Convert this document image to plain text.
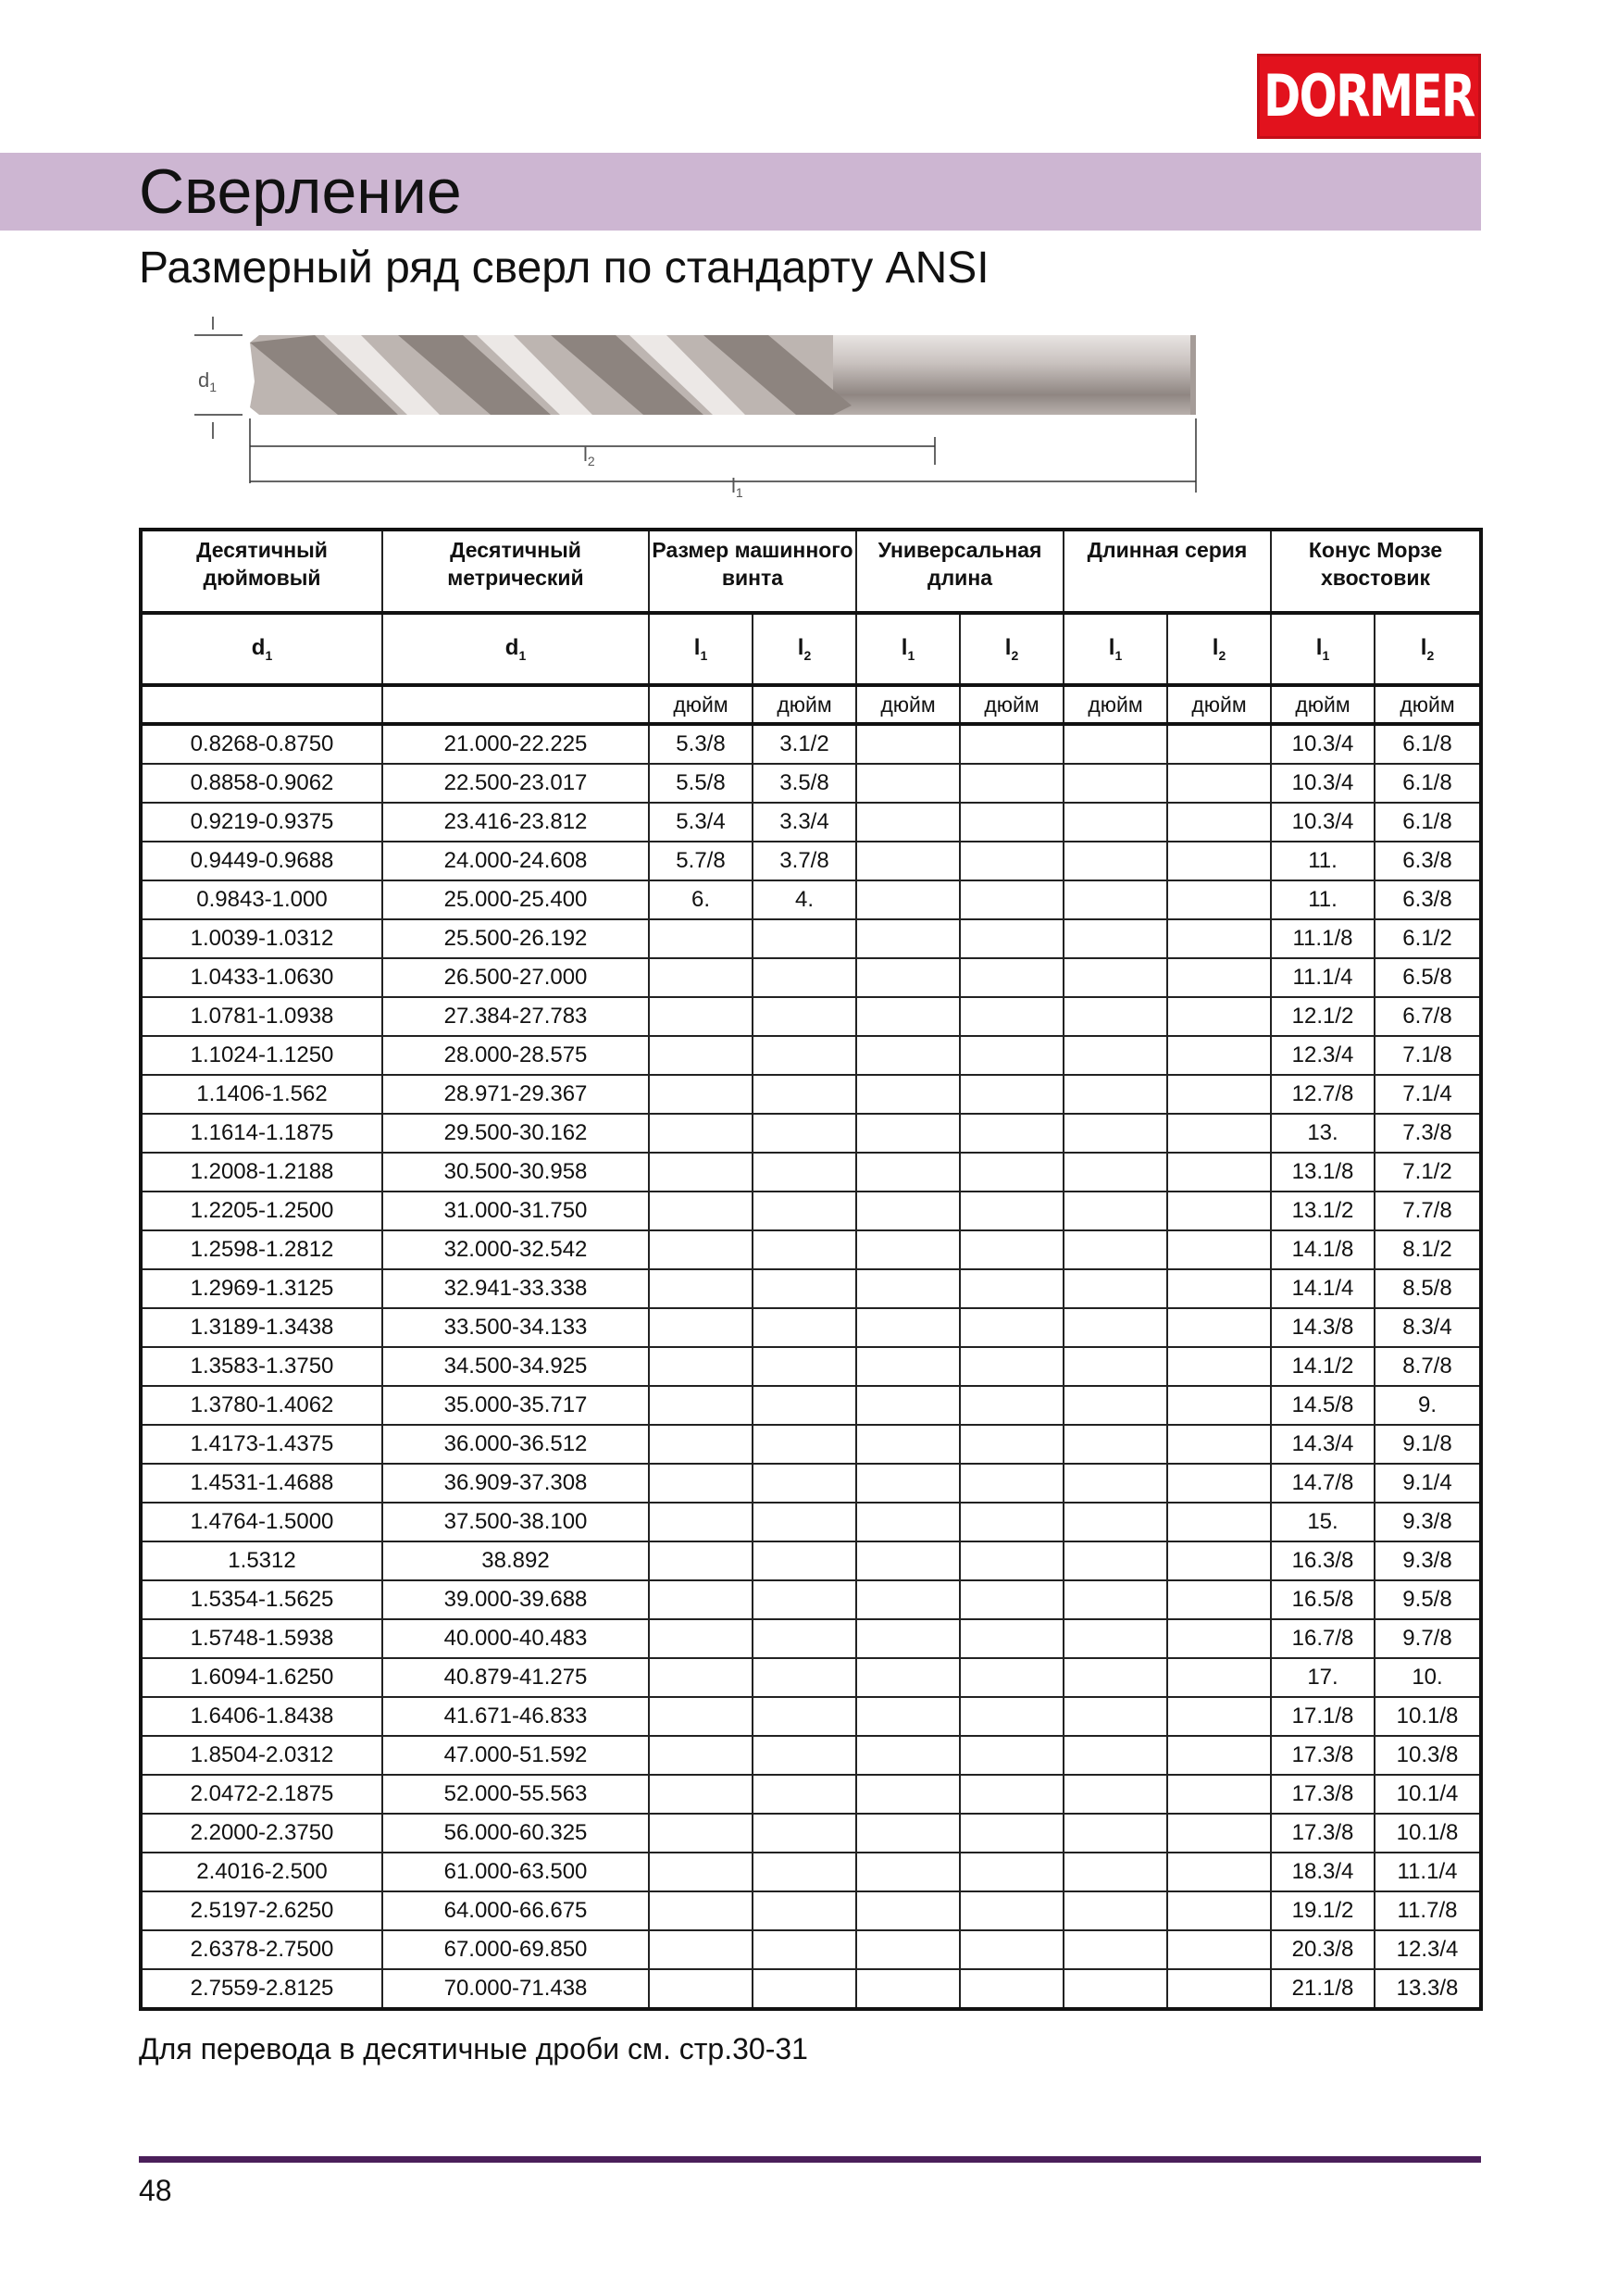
DORMER
Сверление
Размерный ряд сверл по стандарту ANSI
$d_1$
$l_2$
$l_1$
Десятичный дюймовый	Десятичный метрический	Размер машинного винта		Универсальная длина		Длинная серия		Конус Морзе хвостовик	
$d_1$	$d_1$	$l_1$	$l_2$	$l_1$	$l_2$	$l_1$	$l_2$	$l_1$	$l_2$
		дюйм	дюйм	дюйм	дюйм	дюйм	дюйм	дюйм	дюйм
0.8268-0.8750	21.000-22.225	5.3/8	3.1/2					10.3/4	6.1/8
0.8858-0.9062	22.500-23.017	5.5/8	3.5/8					10.3/4	6.1/8
0.9219-0.9375	23.416-23.812	5.3/4	3.3/4					10.3/4	6.1/8
0.9449-0.9688	24.000-24.608	5.7/8	3.7/8					11.	6.3/8
0.9843-1.000	25.000-25.400	6.	4.					11.	6.3/8
1.0039-1.0312	25.500-26.192							11.1/8	6.1/2
1.0433-1.0630	26.500-27.000							11.1/4	6.5/8
1.0781-1.0938	27.384-27.783							12.1/2	6.7/8
1.1024-1.1250	28.000-28.575							12.3/4	7.1/8
1.1406-1.562	28.971-29.367							12.7/8	7.1/4
1.1614-1.1875	29.500-30.162							13.	7.3/8
1.2008-1.2188	30.500-30.958							13.1/8	7.1/2
1.2205-1.2500	31.000-31.750							13.1/2	7.7/8
1.2598-1.2812	32.000-32.542							14.1/8	8.1/2
1.2969-1.3125	32.941-33.338							14.1/4	8.5/8
1.3189-1.3438	33.500-34.133							14.3/8	8.3/4
1.3583-1.3750	34.500-34.925							14.1/2	8.7/8
1.3780-1.4062	35.000-35.717							14.5/8	9.
1.4173-1.4375	36.000-36.512							14.3/4	9.1/8
1.4531-1.4688	36.909-37.308							14.7/8	9.1/4
1.4764-1.5000	37.500-38.100							15.	9.3/8
1.5312	38.892							16.3/8	9.3/8
1.5354-1.5625	39.000-39.688							16.5/8	9.5/8
1.5748-1.5938	40.000-40.483							16.7/8	9.7/8
1.6094-1.6250	40.879-41.275							17.	10.
1.6406-1.8438	41.671-46.833							17.1/8	10.1/8
1.8504-2.0312	47.000-51.592							17.3/8	10.3/8
2.0472-2.1875	52.000-55.563							17.3/8	10.1/4
2.2000-2.3750	56.000-60.325							17.3/8	10.1/8
2.4016-2.500	61.000-63.500							18.3/4	11.1/4
2.5197-2.6250	64.000-66.675							19.1/2	11.7/8
2.6378-2.7500	67.000-69.850							20.3/8	12.3/4
2.7559-2.8125	70.000-71.438							21.1/8	13.3/8
Для перевода в десятичные дроби см. стр.30-31
48
